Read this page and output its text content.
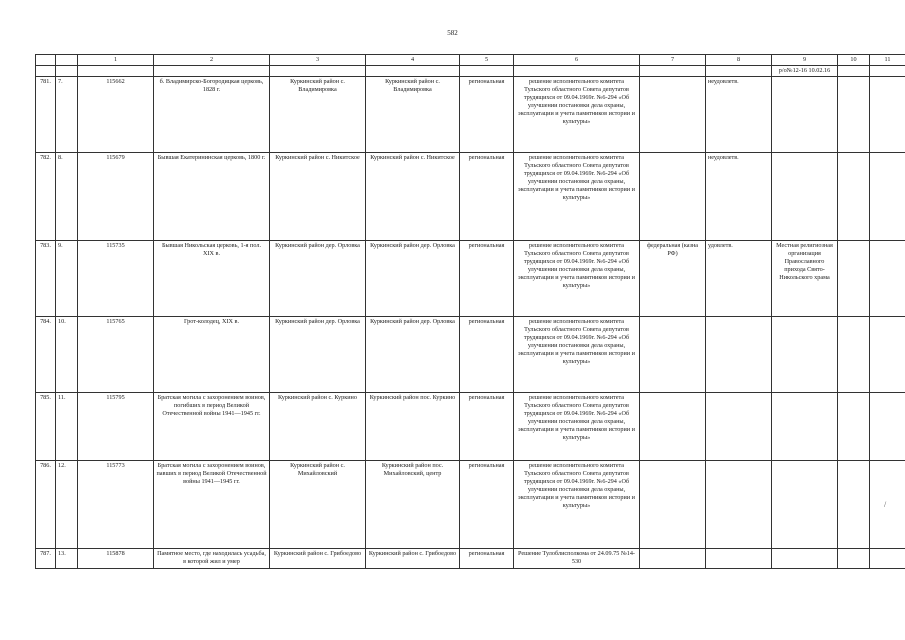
582
		1	2	3	4	5	6	7	8	9	10	11
										р/о№12-16 10.02.16		
781.	7.	115662	б. Владимирско-Богородицкая церковь, 1828 г.	Куркинский район с. Владимировка	Куркинский район с. Владимировка	региональная	решение исполнительного комитета Тульского областного Совета депутатов трудящихся от 09.04.1969г. №6-294 «Об улучшении постановки дела охраны, эксплуатации и учета памятников истории и культуры»		неудовлетв.			
782.	8.	115679	Бывшая Екатерининская церковь, 1800 г.	Куркинский район с. Никитское	Куркинский район с. Никитское	региональная	решение исполнительного комитета Тульского областного Совета депутатов трудящихся от 09.04.1969г. №6-294 «Об улучшении постановки дела охраны, эксплуатации и учета памятников истории и культуры»		неудовлетв.			
783.	9.	115735	Бывшая Никольская церковь, 1-я пол. XIX в.	Куркинский район дер. Орловка	Куркинский район дер. Орловка	региональная	решение исполнительного комитета Тульского областного Совета депутатов трудящихся от 09.04.1969г. №6-294 «Об улучшении постановки дела охраны, эксплуатации и учета памятников истории и культуры»	федеральная (казна РФ)	удовлетв.	Местная религиозная организация Православного прихода Свято-Никольского храма		
784.	10.	115765	Грот-колодец, XIX в.	Куркинский район дер. Орловка	Куркинский район дер. Орловка	региональная	решение исполнительного комитета Тульского областного Совета депутатов трудящихся от 09.04.1969г. №6-294 «Об улучшении постановки дела охраны, эксплуатации и учета памятников истории и культуры»					
785.	11.	115795	Братская могила с захоронением воинов, погибших в период Великой Отечественной войны 1941—1945 гг.	Куркинский район с. Куркино	Куркинский район пос. Куркино	региональная	решение исполнительного комитета Тульского областного Совета депутатов трудящихся от 09.04.1969г. №6-294 «Об улучшении постановки дела охраны, эксплуатации и учета памятников истории и культуры»					
786.	12.	115773	Братская могила с захоронением воинов, павших в период Великой Отечественной войны 1941—1945 гг.	Куркинский район с. Михайловский	Куркинский район пос. Михайловский, центр	региональная	решение исполнительного комитета Тульского областного Совета депутатов трудящихся от 09.04.1969г. №6-294 «Об улучшении постановки дела охраны, эксплуатации и учета памятников истории и культуры»					
787.	13.	115878	Памятное место, где находилась усадьба, в которой жил и умер	Куркинский район с. Грибоедово	Куркинский район с. Грибоедово	региональная	Решение Тулоблисполкома от 24.09.75 №14-530					
/
